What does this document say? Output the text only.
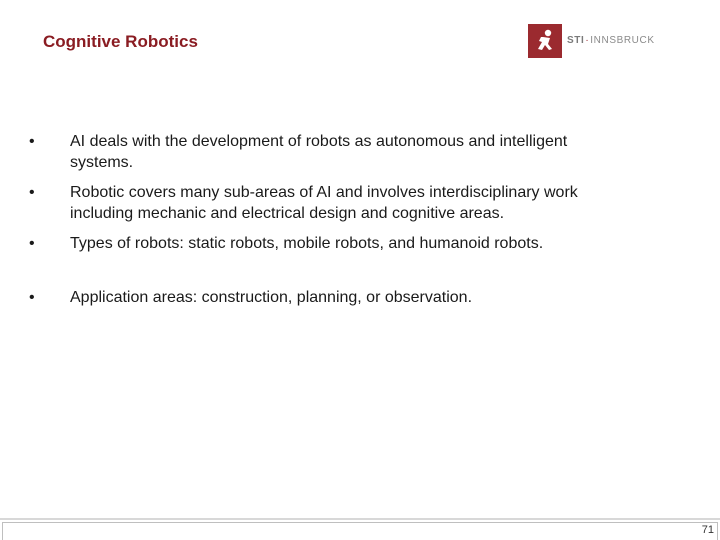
Cognitive Robotics	STI·INNSBRUCK
• AI deals with the development of robots as autonomous and intelligent
systems.
• Robotic covers many sub-areas of AI and involves interdisciplinary work
including mechanic and electrical design and cognitive areas.
• Types of robots: static robots, mobile robots, and humanoid robots.
• Application areas: construction, planning, or observation.
71
